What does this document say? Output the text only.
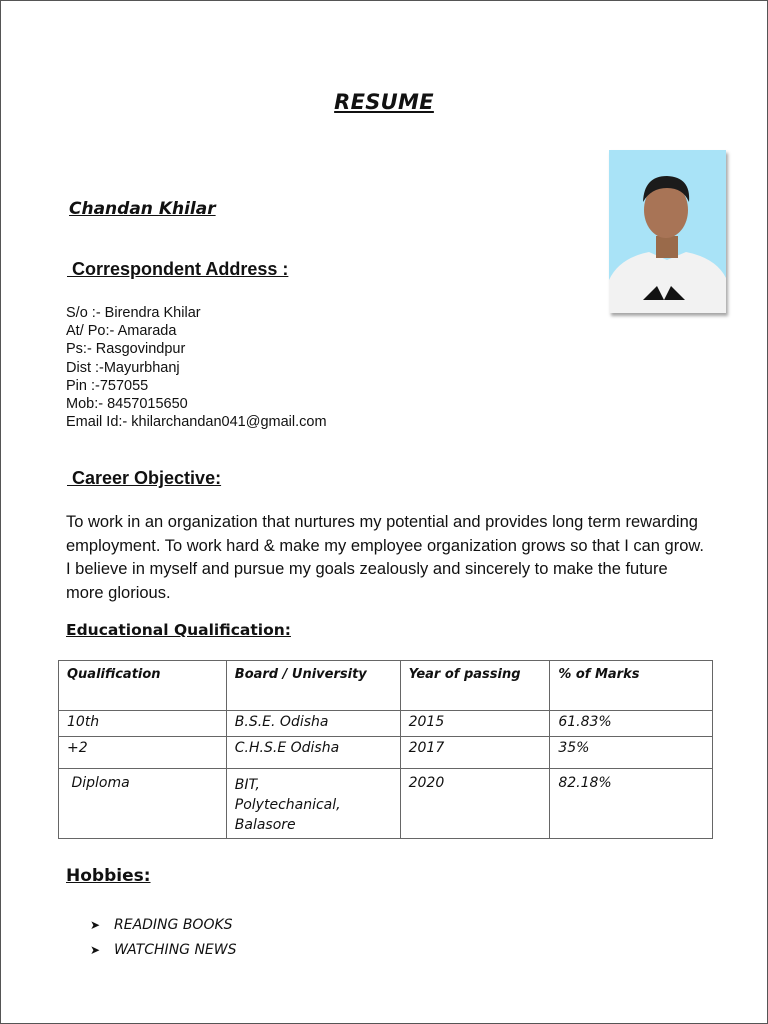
RESUME
Chandan Khilar
Correspondent Address :
S/o :- Birendra Khilar
At/ Po:- Amarada
Ps:- Rasgovindpur
Dist :-Mayurbhanj
Pin :-757055
Mob:- 8457015650
Email Id:- khilarchandan041@gmail.com
Career Objective:
To work in an organization that nurtures my potential and provides long term rewarding employment. To work hard & make my employee organization grows so that I can grow. I believe in myself and pursue my goals zealously and sincerely to make the future more glorious.
Educational Qualification:
Qualification	Board / University	Year of passing	% of Marks
10th	B.S.E. Odisha	2015	61.83%
+2	C.H.S.E Odisha	2017	35%
Diploma	BIT,
Polytechanical,
Balasore	2020	82.18%
Hobbies:
➤ READING BOOKS
➤ WATCHING NEWS
